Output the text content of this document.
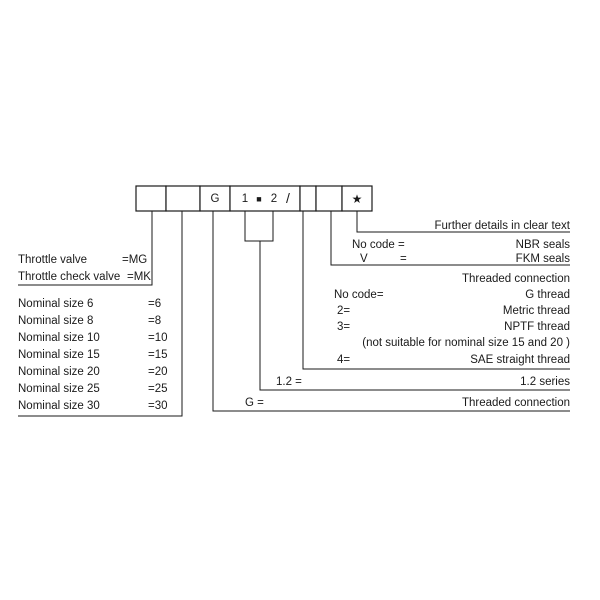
G 1 ■ 2 /	★
Further details in clear text
No code =	NBR seals
V	=	FKM seals
Threaded connection
No code=	G thread
2=	Metric thread
3=	NPTF thread
(not suitable for nominal size 15 and 20 )
4=	SAE straight thread
1.2 =	1.2 series
G =	Threaded connection
Throttle valve	=MG
Throttle check valve =MK
Nominal size 6	=6
Nominal size 8	=8
Nominal size 10	=10
Nominal size 15	=15
Nominal size 20	=20
Nominal size 25	=25
Nominal size 30	=30
